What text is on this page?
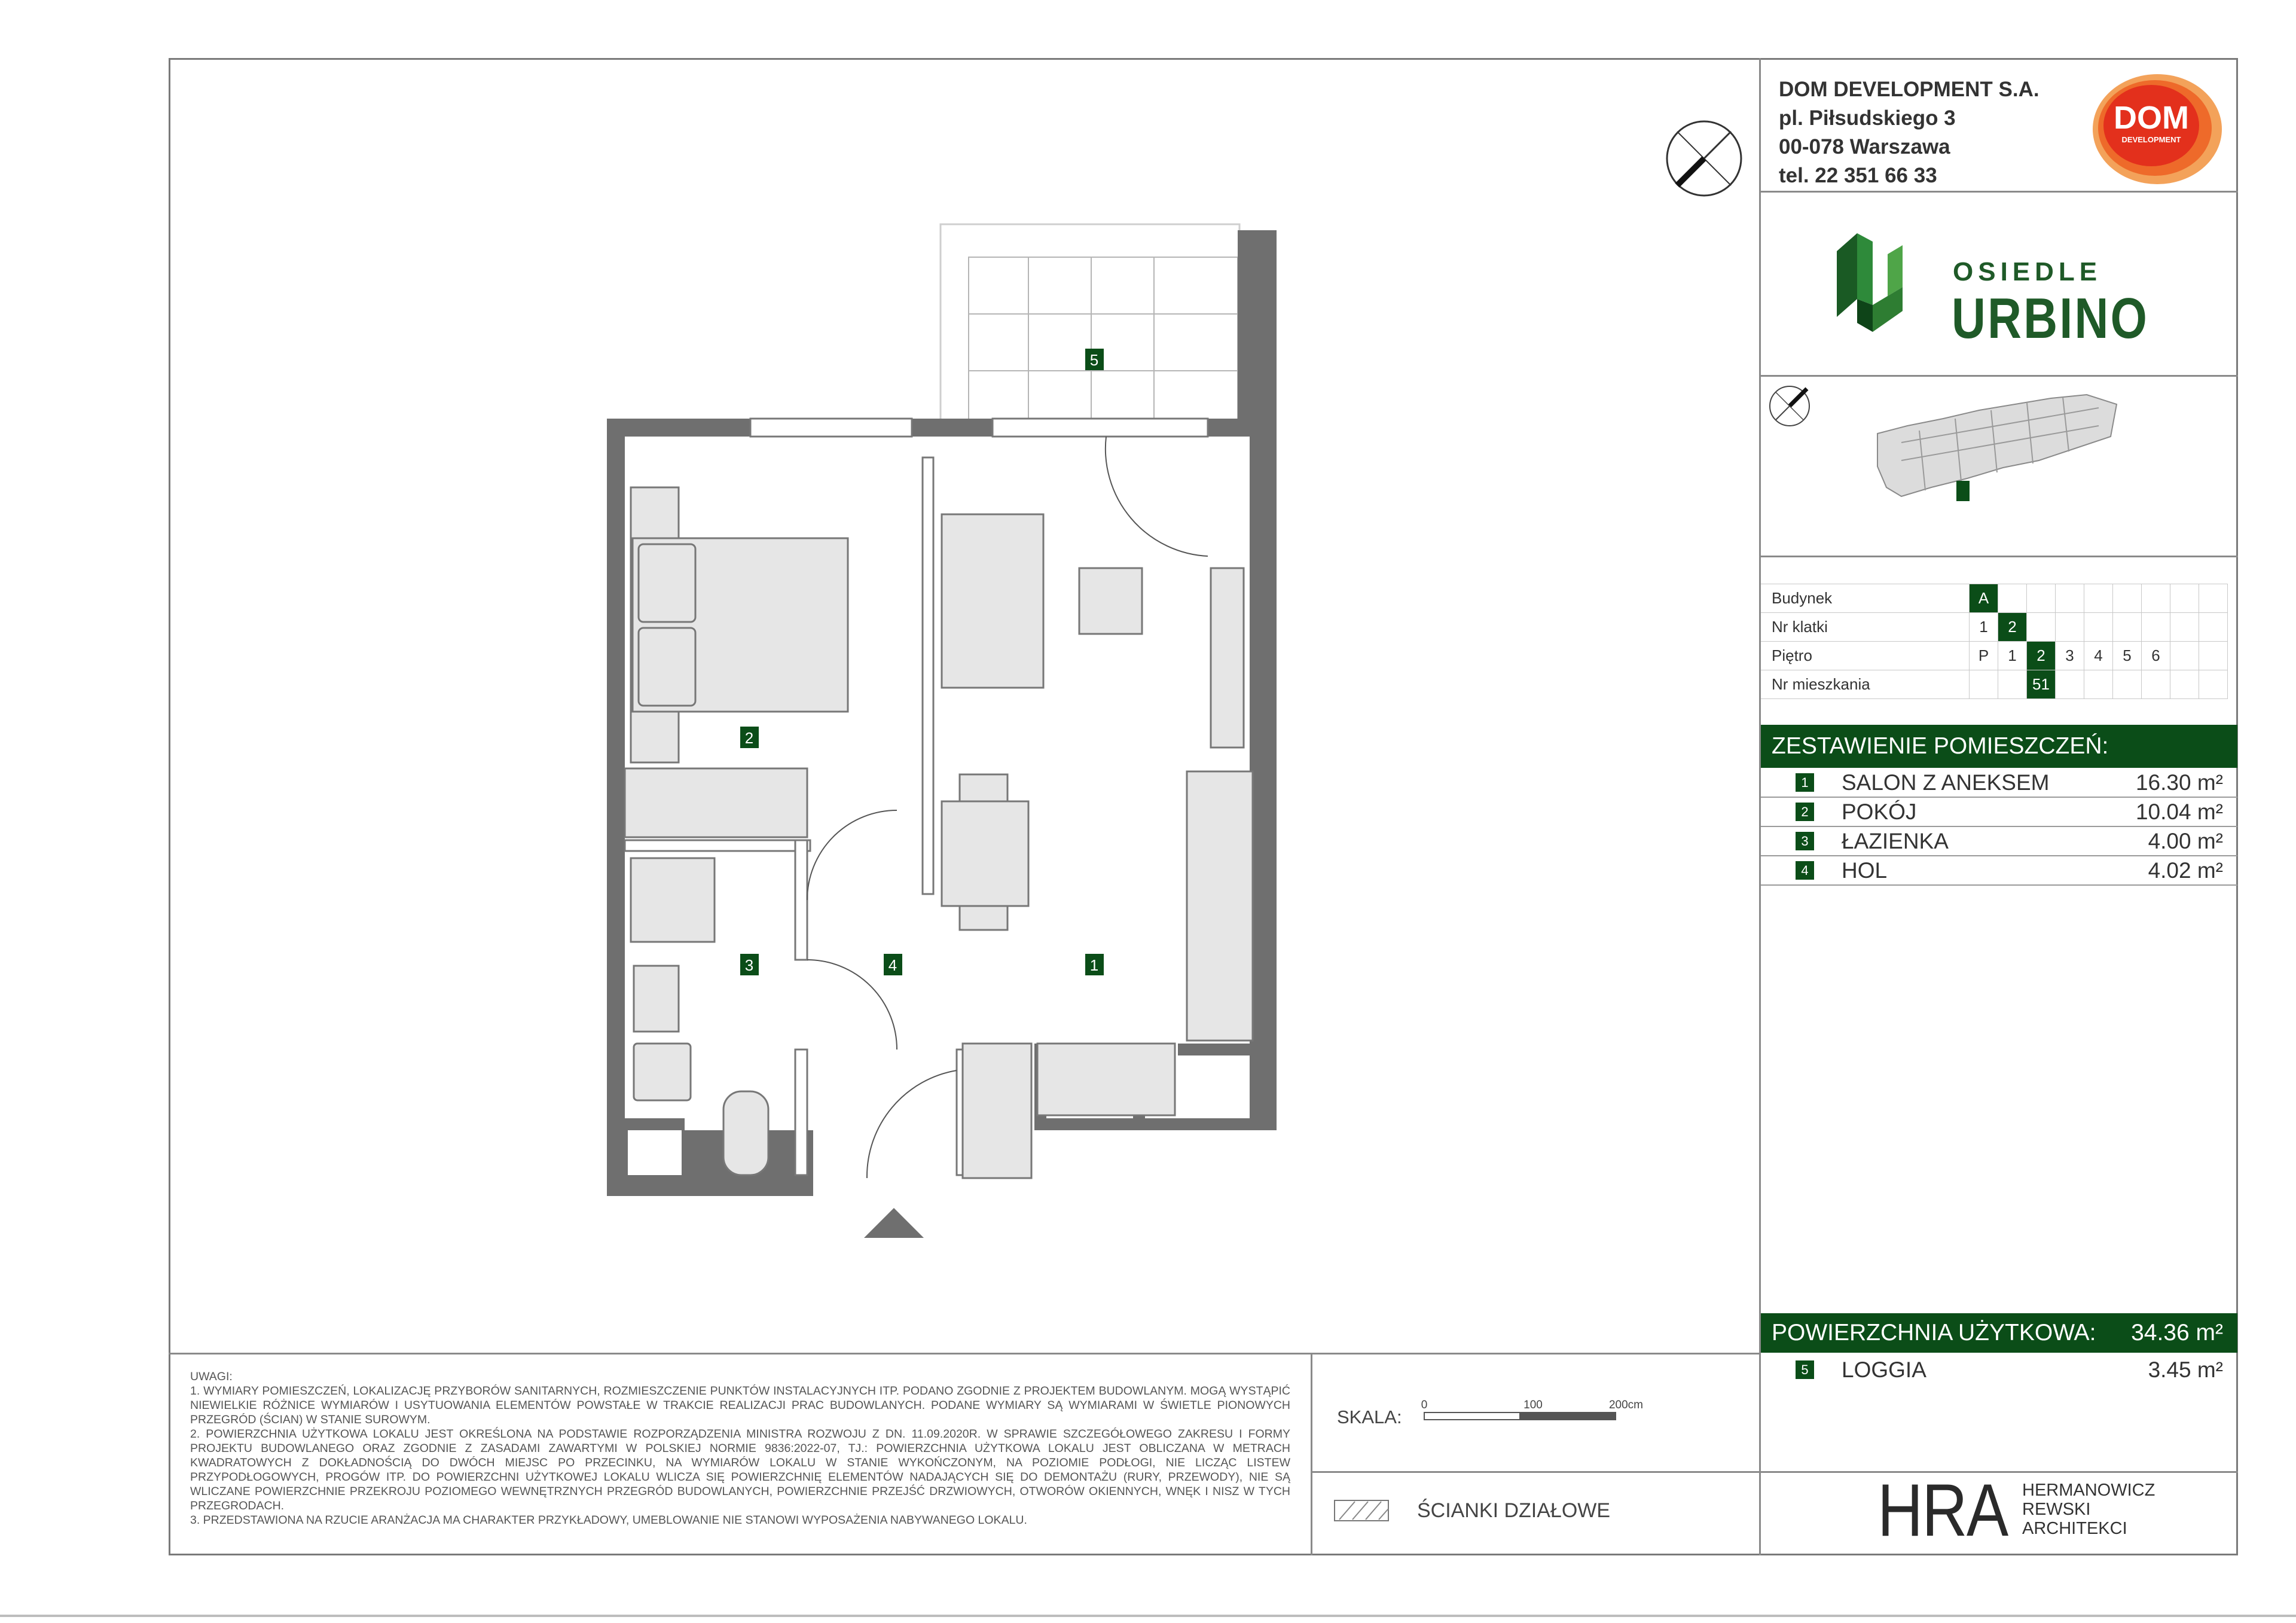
DOM DEVELOPMENT S.A.
pl. Piłsudskiego 3
00-078 Warszawa
tel. 22 351 66 33
DOM
DEVELOPMENT
OSIEDLE
URBINO
Budynek	A								
Nr klatki	1	2							
Piętro	P	1	2	3	4	5	6		
Nr mieszkania			51						
ZESTAWIENIE POMIESZCZEŃ:
1 SALON Z ANEKSEM	16.30 m²
2 POKÓJ	10.04 m²
3 ŁAZIENKA	4.00 m²
4 HOL	4.02 m²
POWIERZCHNIA UŻYTKOWA: 34.36 m²
5 LOGGIA	3.45 m²

UWAGI:

1. WYMIARY POMIESZCZEŃ, LOKALIZACJĘ PRZYBORÓW SANITARNYCH, ROZMIESZCZENIE PUNKTÓW INSTALACYJNYCH ITP. PODANO ZGODNIE Z PROJEKTEM BUDOWLANYM. MOGĄ WYSTĄPIĆ NIEWIELKIE RÓŻNICE WYMIARÓW I USYTUOWANIA ELEMENTÓW POWSTAŁE W TRAKCIE REALIZACJI PRAC BUDOWLANYCH. PODANE WYMIARY SĄ WYMIARAMI W ŚWIETLE PIONOWYCH PRZEGRÓD (ŚCIAN) W STANIE SUROWYM.

2. POWIERZCHNIA UŻYTKOWA LOKALU JEST OKREŚLONA NA PODSTAWIE ROZPORZĄDZENIA MINISTRA ROZWOJU Z DN. 11.09.2020R. W SPRAWIE SZCZEGÓŁOWEGO ZAKRESU I FORMY PROJEKTU BUDOWLANEGO ORAZ ZGODNIE Z ZASADAMI ZAWARTYMI W POLSKIEJ NORMIE 9836:2022-07, TJ.: POWIERZCHNIA UŻYTKOWA LOKALU JEST OBLICZANA W METRACH KWADRATOWYCH Z DOKŁADNOŚCIĄ DO DWÓCH MIEJSC PO PRZECINKU, NA WYMIARÓW LOKALU W STANIE WYKOŃCZONYM, NA POZIOMIE PODŁOGI, NIE LICZĄC LISTEW PRZYPODŁOGOWYCH, PROGÓW ITP. DO POWIERZCHNI UŻYTKOWEJ LOKALU WLICZA SIĘ POWIERZCHNIĘ ELEMENTÓW NADAJĄCYCH SIĘ DO DEMONTAŻU (RURY, PRZEWODY), NIE SĄ WLICZANE POWIERZCHNIE PRZEKROJU POZIOMEGO WEWNĘTRZNYCH PRZEGRÓD BUDOWLANYCH, POWIERZCHNIE PRZEJŚĆ DRZWIOWYCH, OTWORÓW OKIENNYCH, WNĘK I NISZ W TYCH PRZEGRODACH.

3. PRZEDSTAWIONA NA RZUCIE ARANŻACJA MA CHARAKTER PRZYKŁADOWY, UMEBLOWANIE NIE STANOWI WYPOSAŻENIA NABYWANEGO LOKALU.

SKALA:
0	100	200cm
ŚCIANKI DZIAŁOWE	HRA HERMANOWICZ
REWSKI
ARCHITEKCI
5
2
3	4	1
